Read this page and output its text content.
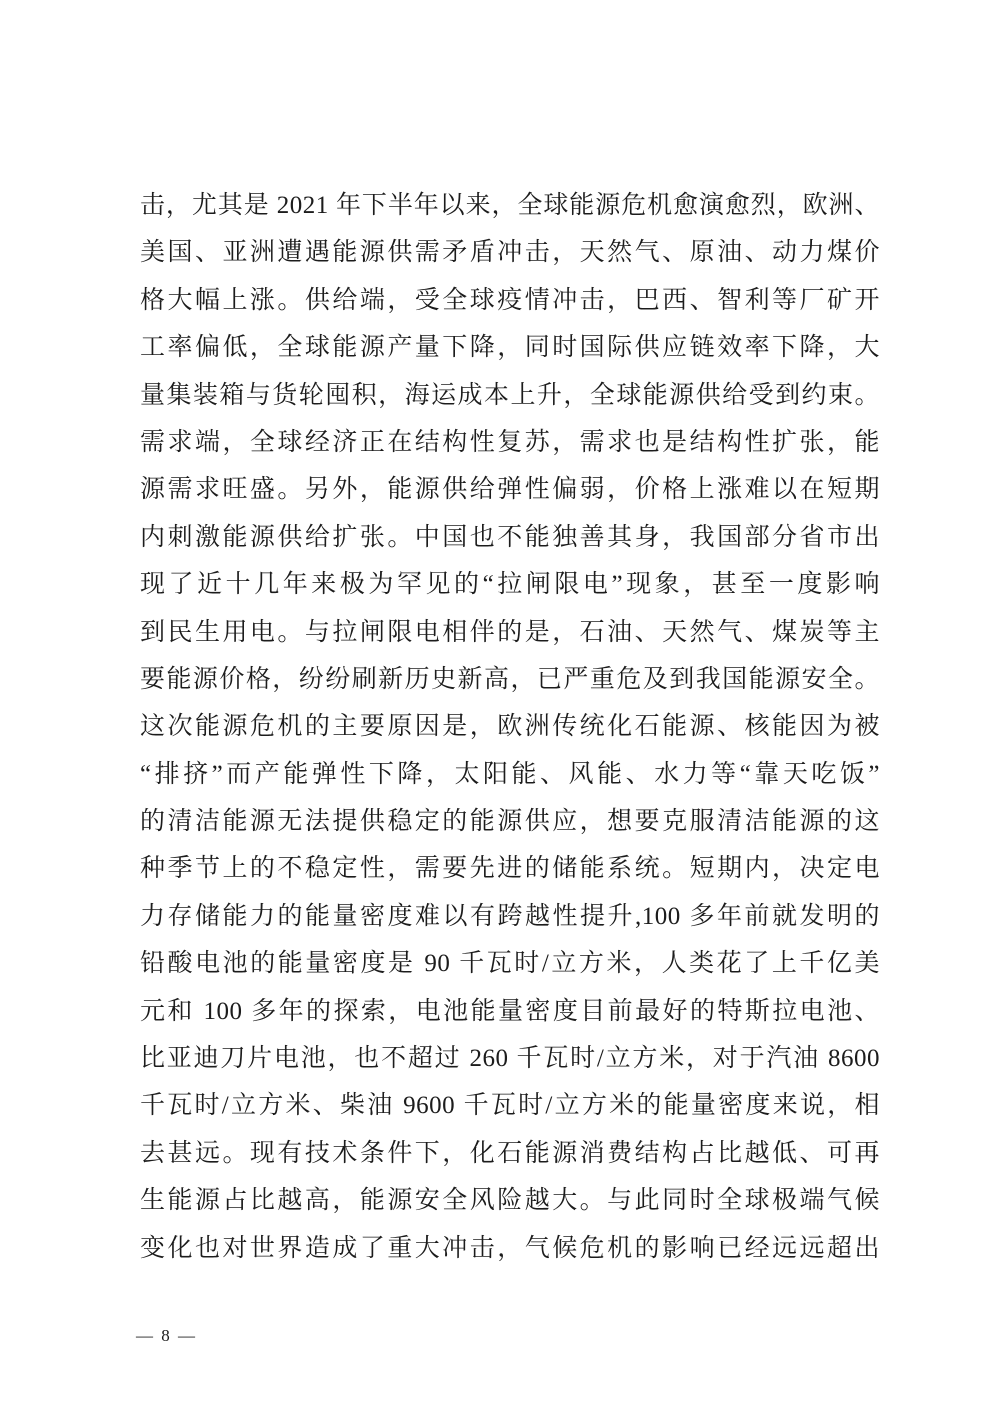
击，尤其是 2021 年下半年以来，全球能源危机愈演愈烈，欧洲、
美国、亚洲遭遇能源供需矛盾冲击，天然气、原油、动力煤价
格大幅上涨。供给端，受全球疫情冲击，巴西、智利等厂矿开
工率偏低，全球能源产量下降，同时国际供应链效率下降，大
量集装箱与货轮囤积，海运成本上升，全球能源供给受到约束。
需求端，全球经济正在结构性复苏，需求也是结构性扩张，能
源需求旺盛。另外，能源供给弹性偏弱，价格上涨难以在短期
内刺激能源供给扩张。中国也不能独善其身，我国部分省市出
现了近十几年来极为罕见的“拉闸限电”现象，甚至一度影响
到民生用电。与拉闸限电相伴的是，石油、天然气、煤炭等主
要能源价格，纷纷刷新历史新高，已严重危及到我国能源安全。
这次能源危机的主要原因是，欧洲传统化石能源、核能因为被
“排挤”而产能弹性下降，太阳能、风能、水力等“靠天吃饭”
的清洁能源无法提供稳定的能源供应，想要克服清洁能源的这
种季节上的不稳定性，需要先进的储能系统。短期内，决定电
力存储能力的能量密度难以有跨越性提升,100 多年前就发明的
铅酸电池的能量密度是 90 千瓦时/立方米，人类花了上千亿美
元和 100 多年的探索，电池能量密度目前最好的特斯拉电池、
比亚迪刀片电池，也不超过 260 千瓦时/立方米，对于汽油 8600
千瓦时/立方米、柴油 9600 千瓦时/立方米的能量密度来说，相
去甚远。现有技术条件下，化石能源消费结构占比越低、可再
生能源占比越高，能源安全风险越大。与此同时全球极端气候
变化也对世界造成了重大冲击，气候危机的影响已经远远超出
— 8 —
